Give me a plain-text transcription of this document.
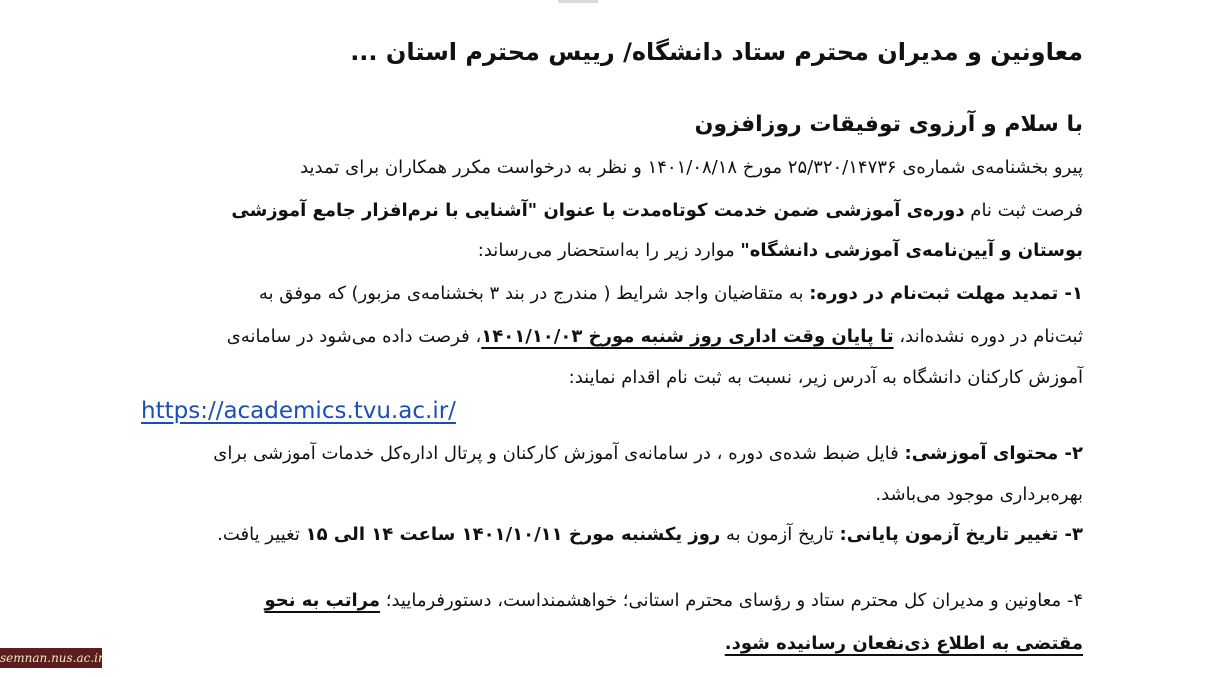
معاونین و مدیران محترم ستاد دانشگاه/ رییس محترم استان ...
با سلام و آرزوی توفیقات روزافزون
پیرو بخشنامه‌ی شماره‌ی ۲۵/۳۲۰/۱۴۷۳۶ مورخ ۱۴۰۱/۰۸/۱۸ و نظر به درخواست مکرر همکاران برای تمدید
فرصت ثبت نام دوره‌ی آموزشی ضمن خدمت کوتاه‌مدت با عنوان "آشنایی با نرم‌افزار جامع آموزشی
بوستان و آیین‌نامه‌ی آموزشی دانشگاه" موارد زیر را به‌استحضار می‌رساند:
۱- تمدید مهلت ثبت‌نام در دوره: به متقاضیان واجد شرایط ( مندرج در بند ۳ بخشنامه‌ی مزبور) که موفق به
ثبت‌نام در دوره نشده‌اند، تا پایان وقت اداری روز شنبه مورخ ۱۴۰۱/۱۰/۰۳، فرصت داده می‌شود در سامانه‌ی
آموزش کارکنان دانشگاه به آدرس زیر، نسبت به ثبت نام اقدام نمایند:
https://academics.tvu.ac.ir/
۲- محتوای آموزشی: فایل ضبط شده‌ی دوره ، در سامانه‌ی آموزش کارکنان و پرتال اداره‌کل خدمات آموزشی برای
بهره‌برداری موجود می‌باشد.
۳- تغییر تاریخ آزمون پایانی: تاریخ آزمون به روز یکشنبه مورخ ۱۴۰۱/۱۰/۱۱ ساعت ۱۴ الی ۱۵ تغییر یافت.
۴- معاونین و مدیران کل محترم ستاد و رؤسای محترم استانی؛ خواهشمنداست، دستورفرمایید؛ مراتب به نحو
مقتضی به اطلاع ذی‌نفعان رسانیده شود.
semnan.nus.ac.ir
